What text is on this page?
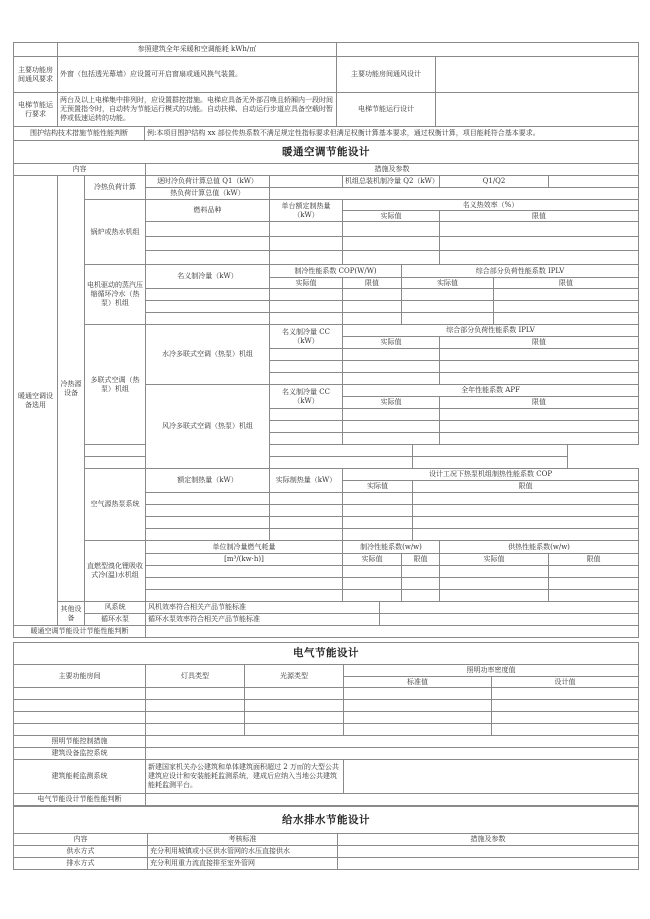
	参照建筑全年采暖和空调能耗 kWh/㎡		
主要功能房间通风要求	外窗（包括透光幕墙）应设置可开启窗扇或通风换气装置。	主要功能房间通风设计	
电梯节能运行要求	两台及以上电梯集中排列时，应设置群控措施。电梯应具备无外部召唤且轿厢内一段时间无预置指令时，自动转为节能运行模式的功能。自动扶梯、自动运行步道应具备空载时暂停或低速运转的功能。	电梯节能运行设计	
围护结构技术措施节能性能判断	例:本项目围护结构 xx 部位传热系数不满足规定性指标要求但满足权衡计算基本要求，通过权衡计算，项目能耗符合基本要求。
暖通空调节能设计											
内容			措施及参数								
暖通空调设备选用	冷热源设备	冷热负荷计算	逐时冷负荷计算总值 Q1（kW）		机组总装机制冷量 Q2（kW）				Q1/Q2		
			热负荷计算总值（kW）								
		锅炉或热水机组	燃料品种	单台额定制热量（kW）	名义热效率（%）						
					实际值				限值		

		电机驱动的蒸汽压缩循环冷水（热泵）机组	名义制冷量（kW）	制冷性能系数 COP(W/W)			综合部分负荷性能系数 IPLV				
				实际值	限值		实际值			限值	

		多联式空调（热泵）机组	水冷多联式空调（热泵）机组	名义制冷量 CC（kW）	综合部分负荷性能系数 IPLV						
					实际值				限值		

			风冷多联式空调（热泵）机组	名义制冷量 CC（kW）	全年性能系数 APF						
					实际值				限值		

		空气源热泵系统	额定制热量（kW）	实际制热量（kW）	设计工况下热泵机组制热性能系数 COP						
					实际值			限值			

		直燃型溴化锂吸收式冷(温)水机组	单位制冷量燃气耗量		制冷性能系数(w/w)				供热性能系数(w/w)		
			[m³/(kw·h)]		实际值		限值		实际值		限值

	其他设备	风系统	风机效率符合相关产品节能标准								
		循环水泵	循环水泵效率符合相关产品节能标准								
暖通空调节能设计节能性能判断											
电气节能设计				
主要功能房间	灯具类型	光源类型	照明功率密度值	
			标准值	设计值

照明节能控制措施				
建筑设备监控系统				
建筑能耗监测系统	新建国家机关办公建筑和单体建筑面积超过 2 万㎡的大型公共建筑应设计和安装能耗监测系统，建成后应纳入当地公共建筑能耗监测平台。			
电气节能设计节能性能判断				
给水排水节能设计		
内容	考核标准	措施及参数
供水方式	充分利用城镇或小区供水管网的水压直接供水	
排水方式	充分利用重力流直接排至室外管网	
